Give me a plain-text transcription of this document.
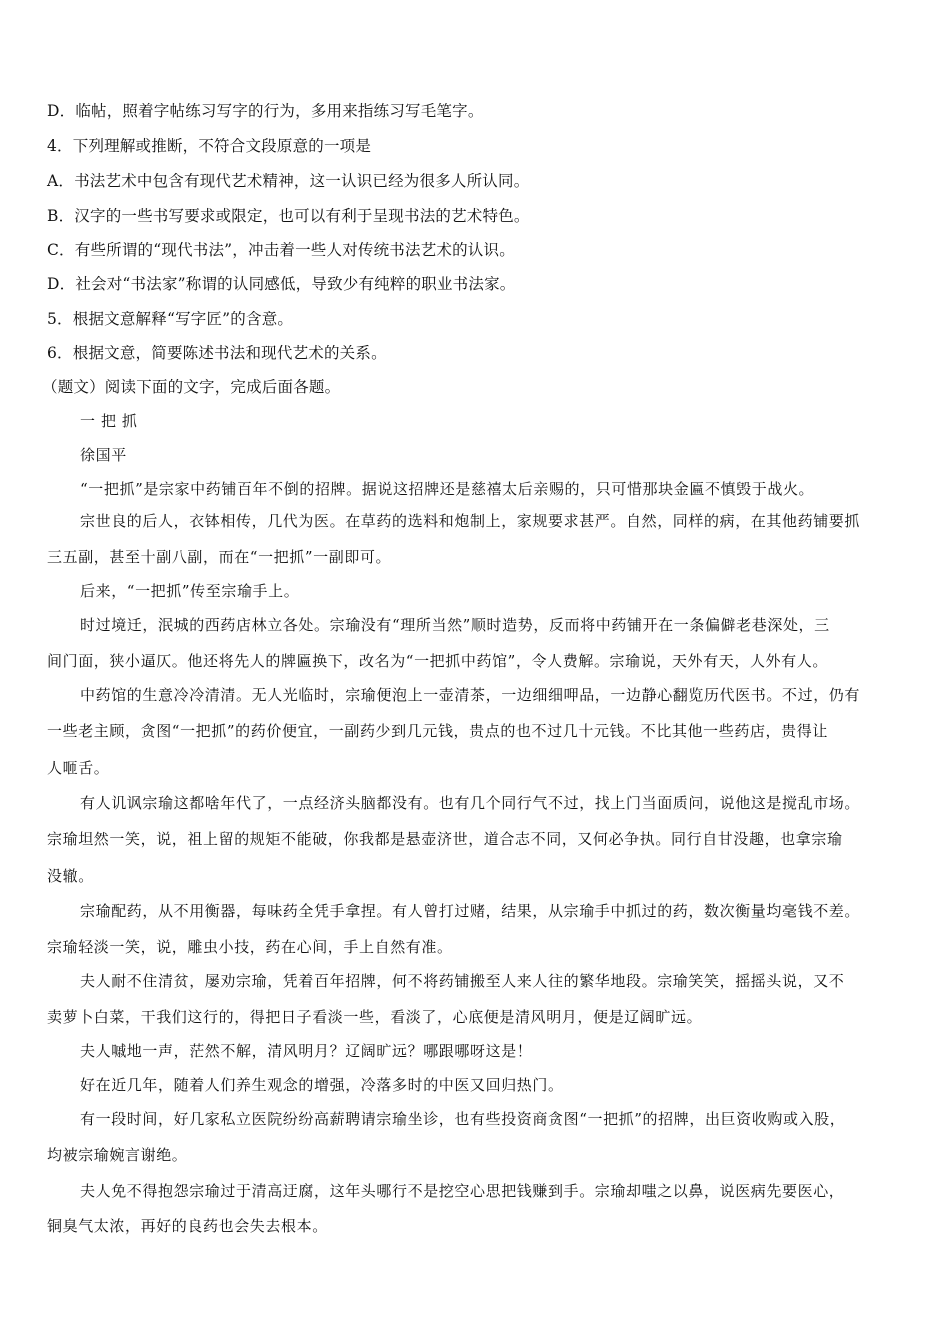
D．临帖，照着字帖练习写字的行为，多用来指练习写毛笔字。
4．下列理解或推断，不符合文段原意的一项是
A．书法艺术中包含有现代艺术精神，这一认识已经为很多人所认同。
B．汉字的一些书写要求或限定，也可以有利于呈现书法的艺术特色。
C．有些所谓的“现代书法”，冲击着一些人对传统书法艺术的认识。
D．社会对“书法家”称谓的认同感低，导致少有纯粹的职业书法家。
5．根据文意解释“写字匠”的含意。
6．根据文意，简要陈述书法和现代艺术的关系。
（题文）阅读下面的文字，完成后面各题。
一 把 抓
徐国平
“一把抓”是宗家中药铺百年不倒的招牌。据说这招牌还是慈禧太后亲赐的，只可惜那块金匾不慎毁于战火。
宗世良的后人，衣钵相传，几代为医。在草药的选料和炮制上，家规要求甚严。自然，同样的病，在其他药铺要抓
三五副，甚至十副八副，而在“一把抓”一副即可。
后来，“一把抓”传至宗瑜手上。
时过境迁，泯城的西药店林立各处。宗瑜没有“理所当然”顺时造势，反而将中药铺开在一条偏僻老巷深处，三
间门面，狭小逼仄。他还将先人的牌匾换下，改名为“一把抓中药馆”，令人费解。宗瑜说，天外有天，人外有人。
中药馆的生意冷冷清清。无人光临时，宗瑜便泡上一壶清茶，一边细细呷品，一边静心翻览历代医书。不过，仍有
一些老主顾，贪图“一把抓”的药价便宜，一副药少到几元钱，贵点的也不过几十元钱。不比其他一些药店，贵得让
人咂舌。
有人讥讽宗瑜这都啥年代了，一点经济头脑都没有。也有几个同行气不过，找上门当面质问，说他这是搅乱市场。
宗瑜坦然一笑，说，祖上留的规矩不能破，你我都是悬壶济世，道合志不同，又何必争执。同行自甘没趣，也拿宗瑜
没辙。
宗瑜配药，从不用衡器，每味药全凭手拿捏。有人曾打过赌，结果，从宗瑜手中抓过的药，数次衡量均毫钱不差。
宗瑜轻淡一笑，说，雕虫小技，药在心间，手上自然有准。
夫人耐不住清贫，屡劝宗瑜，凭着百年招牌，何不将药铺搬至人来人往的繁华地段。宗瑜笑笑，摇摇头说，又不
卖萝卜白菜，干我们这行的，得把日子看淡一些，看淡了，心底便是清风明月，便是辽阔旷远。
夫人嘁地一声，茫然不解，清风明月？辽阔旷远？哪跟哪呀这是！
好在近几年，随着人们养生观念的增强，冷落多时的中医又回归热门。
有一段时间，好几家私立医院纷纷高薪聘请宗瑜坐诊，也有些投资商贪图“一把抓”的招牌，出巨资收购或入股，
均被宗瑜婉言谢绝。
夫人免不得抱怨宗瑜过于清高迂腐，这年头哪行不是挖空心思把钱赚到手。宗瑜却嗤之以鼻，说医病先要医心，
铜臭气太浓，再好的良药也会失去根本。
